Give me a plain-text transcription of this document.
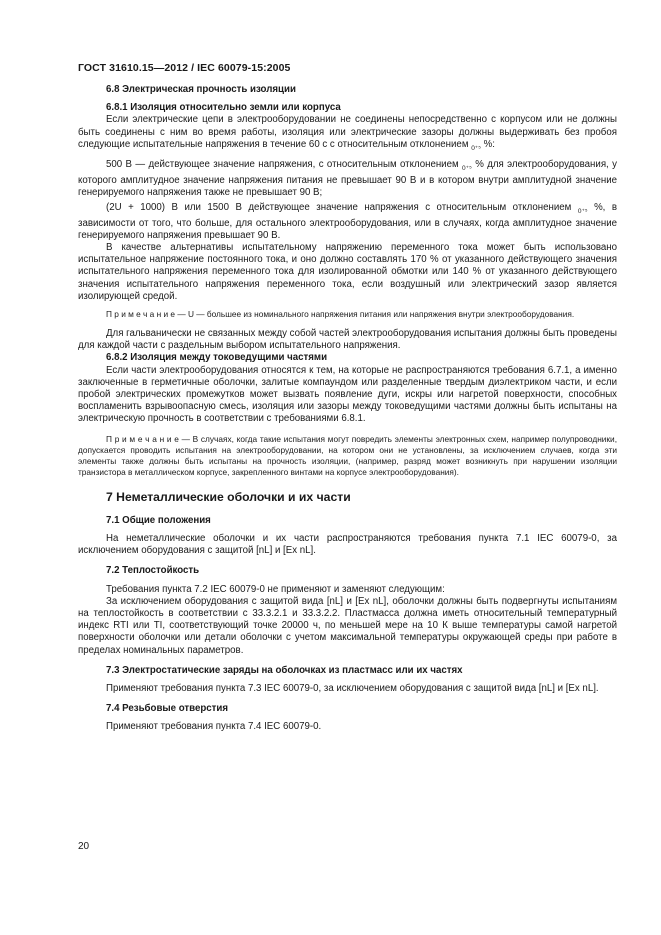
ГОСТ 31610.15—2012 / IEC 60079-15:2005
6.8 Электрическая прочность изоляции
6.8.1 Изоляция относительно земли или корпуса

Если электрические цепи в электрооборудовании не соединены непосредственно с корпусом или не должны быть соединены с ним во время работы, изоляция или электрические зазоры должны выдерживать без пробоя следующие испытательные напряжения в течение 60 с с относительным отклонением $_{0^{+5}}$ %:

500 В — действующее значение напряжения, с относительным отклонением $_{0^{+5}}$ % для электрооборудования, у которого амплитудное значение напряжения питания не превышает 90 В и в котором внутри амплитудной значение генерируемого напряжения также не превышает 90 В;

(2U + 1000) В или 1500 В действующее значение напряжения с относительным отклонением $_{0^{+5}}$ %, в зависимости от того, что больше, для остального электрооборудования, или в случаях, когда амплитудное значение генерируемого напряжения превышает 90 В.

В качестве альтернативы испытательному напряжению переменного тока может быть использовано испытательное напряжение постоянного тока, и оно должно составлять 170 % от указанного действующего значения испытательного напряжения переменного тока для изолированной обмотки или 140 % от указанного действующего значения испытательного напряжения переменного тока, если воздушный или электрический зазор является изолирующей средой.

П р и м е ч а н и е — U — большее из номинального напряжения питания или напряжения внутри электрооборудования.

Для гальванически не связанных между собой частей электрооборудования испытания должны быть проведены для каждой части с раздельным выбором испытательного напряжения.

6.8.2 Изоляция между токоведущими частями

Если части электрооборудования относятся к тем, на которые не распространяются требования 6.7.1, а именно заключенные в герметичные оболочки, залитые компаундом или разделенные твердым диэлектриком части, и если пробой электрических промежутков может вызвать появление дуги, искры или нагретой поверхности, способных воспламенить взрывоопасную смесь, изоляция или зазоры между токоведущими частями должны быть испытаны на электрическую прочность в соответствии с требованиями 6.8.1.

П р и м е ч а н и е — В случаях, когда такие испытания могут повредить элементы электронных схем, например полупроводники, допускается проводить испытания на электрооборудовании, на котором они не установлены, за исключением случаев, когда эти элементы также должны быть испытаны на прочность изоляции, (например, разряд может возникнуть при нарушении изоляции транзистора в металлическом корпусе, закрепленного винтами на корпусе электрооборудования).

7 Неметаллические оболочки и их части
7.1 Общие положения

На неметаллические оболочки и их части распространяются требования пункта 7.1 IEC 60079-0, за исключением оборудования с защитой [nL] и [Ex nL].

7.2 Теплостойкость

Требования пункта 7.2 IEC 60079-0 не применяют и заменяют следующим:

За исключением оборудования с защитой вида [nL] и [Ex nL], оболочки должны быть подвергнуты испытаниям на теплостойкость в соответствии с 33.3.2.1 и 33.3.2.2. Пластмасса должна иметь относительный температурный индекс RTI или TI, соответствующий точке 20000 ч, по меньшей мере на 10 К выше температуры самой нагретой поверхности оболочки или детали оболочки с учетом максимальной температуры окружающей среды при работе в пределах номинальных параметров.

7.3 Электростатические заряды на оболочках из пластмасс или их частях

Применяют требования пункта 7.3 IEC 60079-0, за исключением оборудования с защитой вида [nL] и [Ex nL].

7.4 Резьбовые отверстия

Применяют требования пункта 7.4 IEC 60079-0.

20
